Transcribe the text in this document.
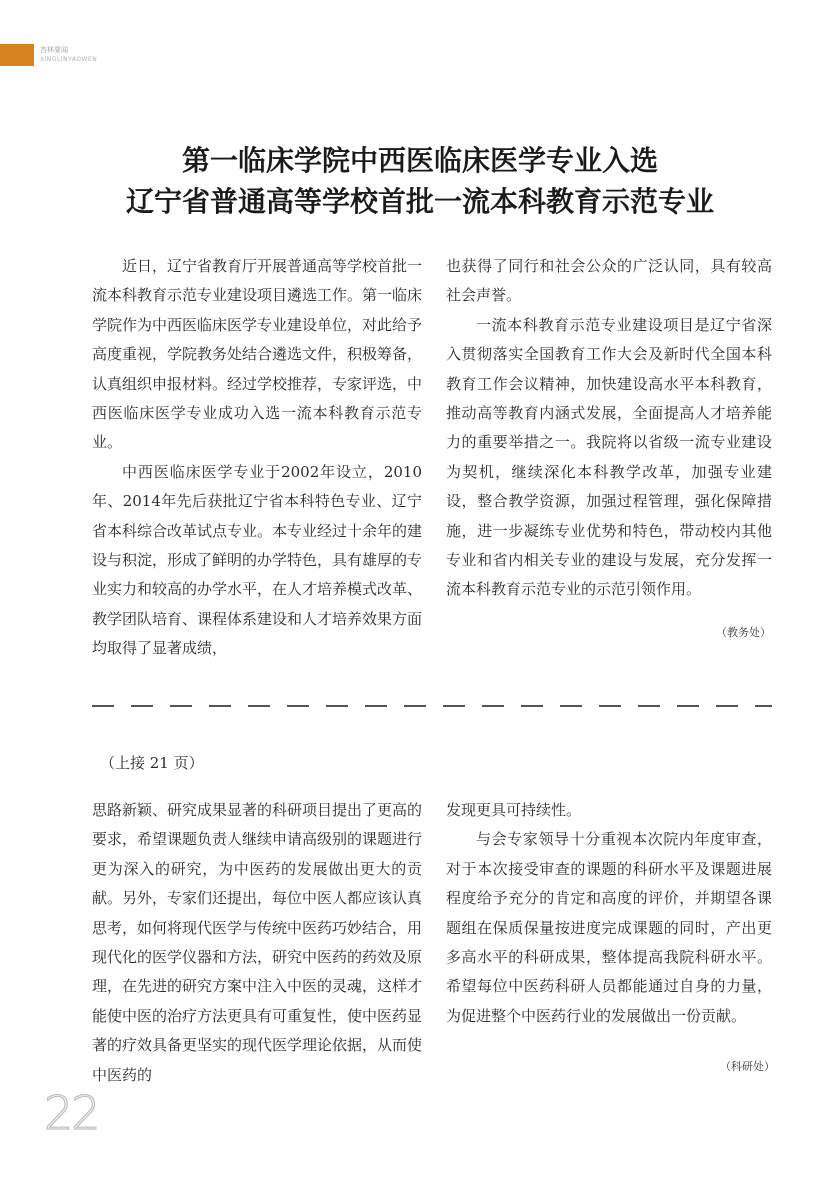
杏林要闻
XINGLINYAOWEN
第一临床学院中西医临床医学专业入选
辽宁省普通高等学校首批一流本科教育示范专业

近日，辽宁省教育厅开展普通高等学校首批一流本科教育示范专业建设项目遴选工作。第一临床学院作为中西医临床医学专业建设单位，对此给予高度重视，学院教务处结合遴选文件，积极筹备，认真组织申报材料。经过学校推荐，专家评选，中西医临床医学专业成功入选一流本科教育示范专业。

中西医临床医学专业于2002年设立，2010年、2014年先后获批辽宁省本科特色专业、辽宁省本科综合改革试点专业。本专业经过十余年的建设与积淀，形成了鲜明的办学特色，具有雄厚的专业实力和较高的办学水平，在人才培养模式改革、教学团队培育、课程体系建设和人才培养效果方面均取得了显著成绩，

也获得了同行和社会公众的广泛认同，具有较高社会声誉。

一流本科教育示范专业建设项目是辽宁省深入贯彻落实全国教育工作大会及新时代全国本科教育工作会议精神，加快建设高水平本科教育，推动高等教育内涵式发展，全面提高人才培养能力的重要举措之一。我院将以省级一流专业建设为契机，继续深化本科教学改革，加强专业建设，整合教学资源，加强过程管理，强化保障措施，进一步凝练专业优势和特色，带动校内其他专业和省内相关专业的建设与发展，充分发挥一流本科教育示范专业的示范引领作用。

（教务处）
（上接 21 页）

思路新颖、研究成果显著的科研项目提出了更高的要求，希望课题负责人继续申请高级别的课题进行更为深入的研究，为中医药的发展做出更大的贡献。另外，专家们还提出，每位中医人都应该认真思考，如何将现代医学与传统中医药巧妙结合，用现代化的医学仪器和方法，研究中医药的药效及原理，在先进的研究方案中注入中医的灵魂，这样才能使中医的治疗方法更具有可重复性，使中医药显著的疗效具备更坚实的现代医学理论依据，从而使中医药的

发现更具可持续性。

与会专家领导十分重视本次院内年度审查，对于本次接受审查的课题的科研水平及课题进展程度给予充分的肯定和高度的评价，并期望各课题组在保质保量按进度完成课题的同时，产出更多高水平的科研成果，整体提高我院科研水平。希望每位中医药科研人员都能通过自身的力量，为促进整个中医药行业的发展做出一份贡献。

（科研处）
22
